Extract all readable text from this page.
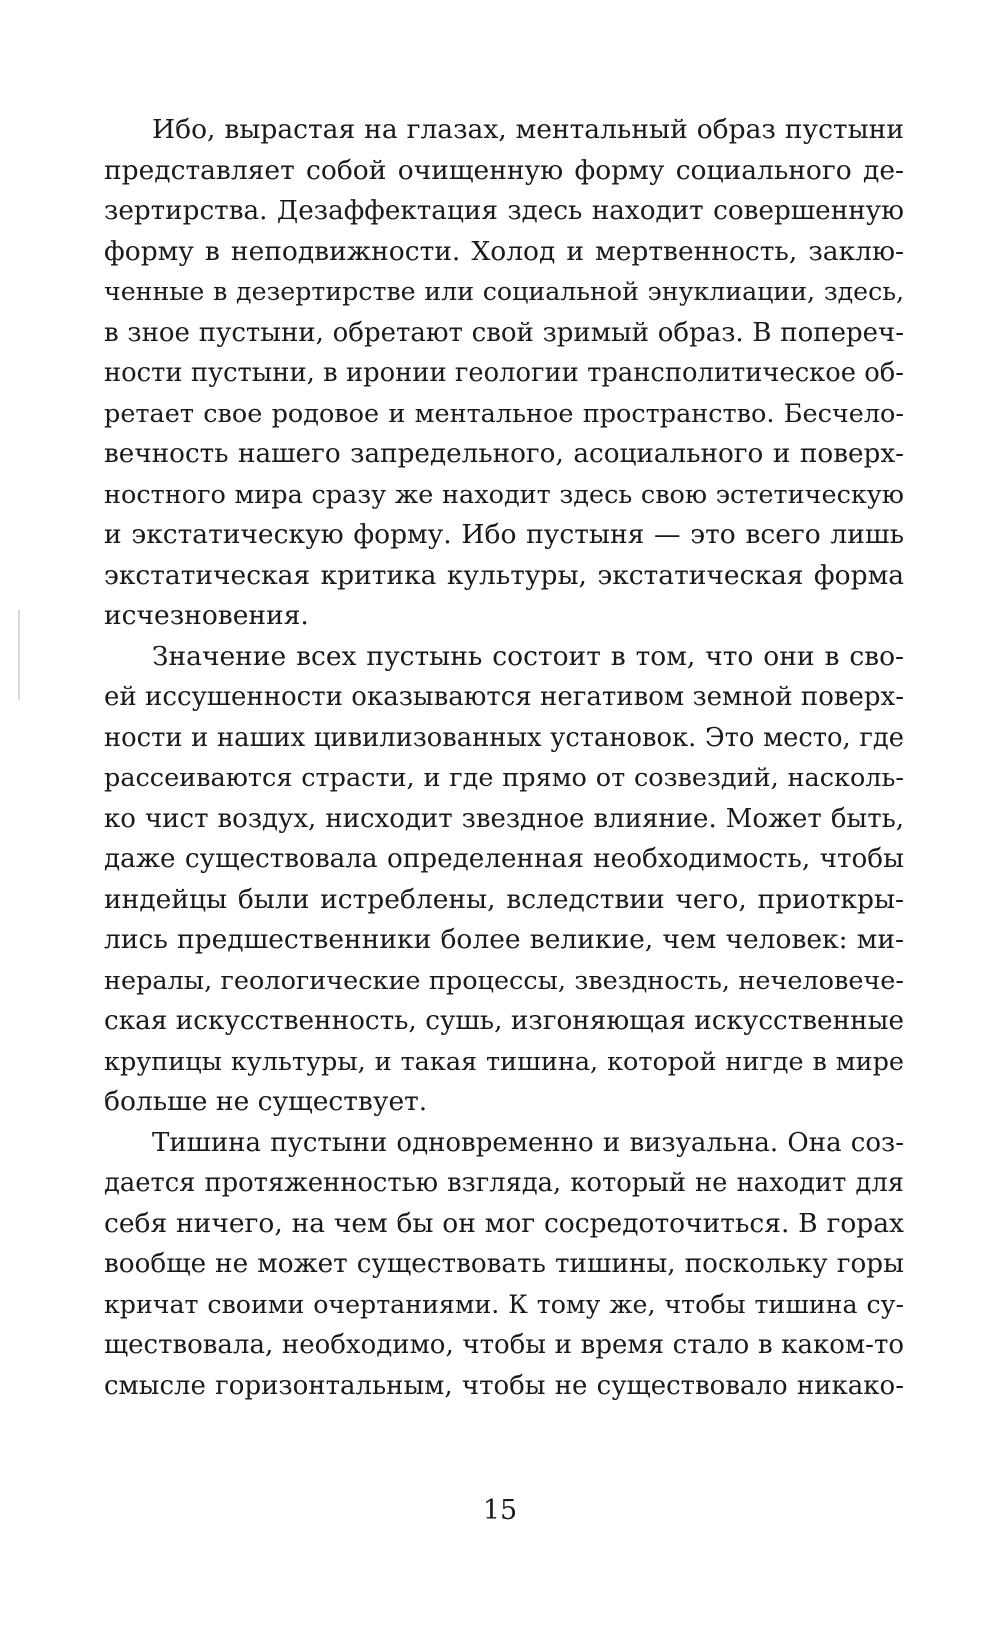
Ибо, вырастая на глазах, ментальный образ пустыни
представляет собой очищенную форму социального де-
зертирства. Дезаффектация здесь находит совершенную
форму в неподвижности. Холод и мертвенность, заклю-
ченные в дезертирстве или социальной энуклиации, здесь,
в зное пустыни, обретают свой зримый образ. В попереч-
ности пустыни, в иронии геологии транcполитическое об-
ретает свое родовое и ментальное пространство. Бесчело-
вечность нашего запредельного, асоциального и поверх-
ностного мира сразу же находит здесь свою эстетическую
и экстатическую форму. Ибо пустыня — это всего лишь
экстатическая критика культуры, экстатическая форма
исчезновения.
Значение всех пустынь состоит в том, что они в сво-
ей иссушенности оказываются негативом земной поверх-
ности и наших цивилизованных установок. Это место, где
рассеиваются страсти, и где прямо от созвездий, насколь-
ко чист воздух, нисходит звездное влияние. Может быть,
даже существовала определенная необходимость, чтобы
индейцы были истреблены, вследствии чего, приоткры-
лись предшественники более великие, чем человек: ми-
нералы, геологические процессы, звездность, нечеловече-
ская искусственность, сушь, изгоняющая искусственные
крупицы культуры, и такая тишина, которой нигде в мире
больше не существует.
Тишина пустыни одновременно и визуальна. Она соз-
дается протяженностью взгляда, который не находит для
себя ничего, на чем бы он мог сосредоточиться. В горах
вообще не может существовать тишины, поскольку горы
кричат своими очертаниями. К тому же, чтобы тишина су-
ществовала, необходимо, чтобы и время стало в каком-то
смысле горизонтальным, чтобы не существовало никако-
15
